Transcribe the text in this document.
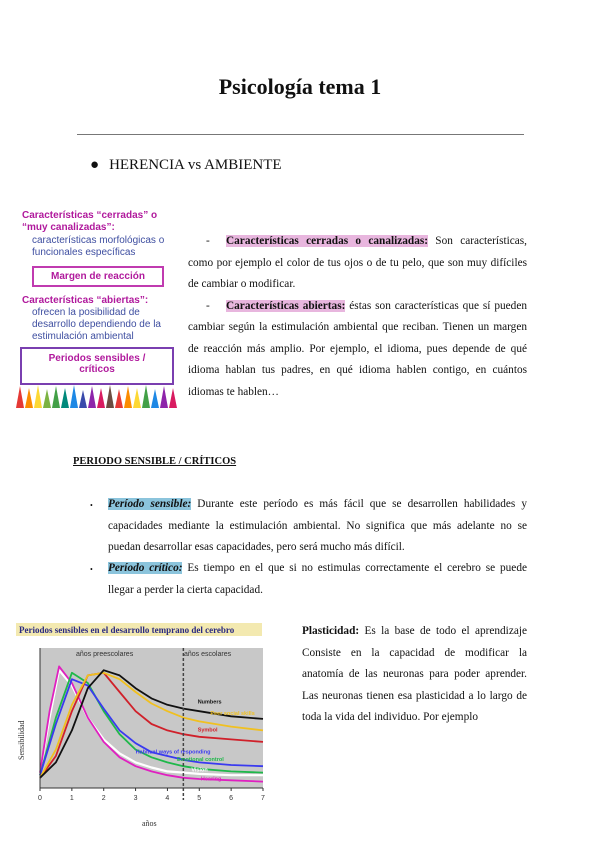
Psicología tema 1
● HERENCIA vs AMBIENTE
Características “cerradas” o
“muy canalizadas”:
características morfológicas o
funcionales específicas
Margen de reacción
Características “abiertas”:
ofrecen la posibilidad de
desarrollo dependiendo de la
estimulación ambiental
Periodos sensibles /
críticos
- Características cerradas o canalizadas: Son características, como por ejemplo el color de tus ojos o de tu pelo, que son muy difíciles de cambiar o modificar.
- Características abiertas: éstas son características que sí pueden cambiar según la estimulación ambiental que reciban. Tienen un margen de reacción más amplio. Por ejemplo, el idioma, pues depende de qué idioma hablan tus padres, en qué idioma hablen contigo, en cuántos idiomas te hablen…
PERIODO SENSIBLE / CRÍTICOS
• Período sensible: Durante este período es más fácil que se desarrollen habilidades y capacidades mediante la estimulación ambiental. No significa que más adelante no se puedan desarrollar esas capacidades, pero será mucho más difícil.
• Período crítico: Es tiempo en el que si no estimulas correctamente el cerebro se puede llegar a perder la cierta capacidad.
Plasticidad: Es la base de todo el aprendizaje Consiste en la capacidad de modificar la anatomía de las neuronas para poder aprender. Las neuronas tienen esa plasticidad a lo largo de toda la vida del individuo. Por ejemplo
Periodos sensibles en el desarrollo temprano del cerebro
años preescolares	años escolares
0	1	2	3	4	5	6	7
Sensibilidad
años
Vision
Hearing
Emotional control
Habitual ways of responding
Symbol
Peer social skills
Numbers
